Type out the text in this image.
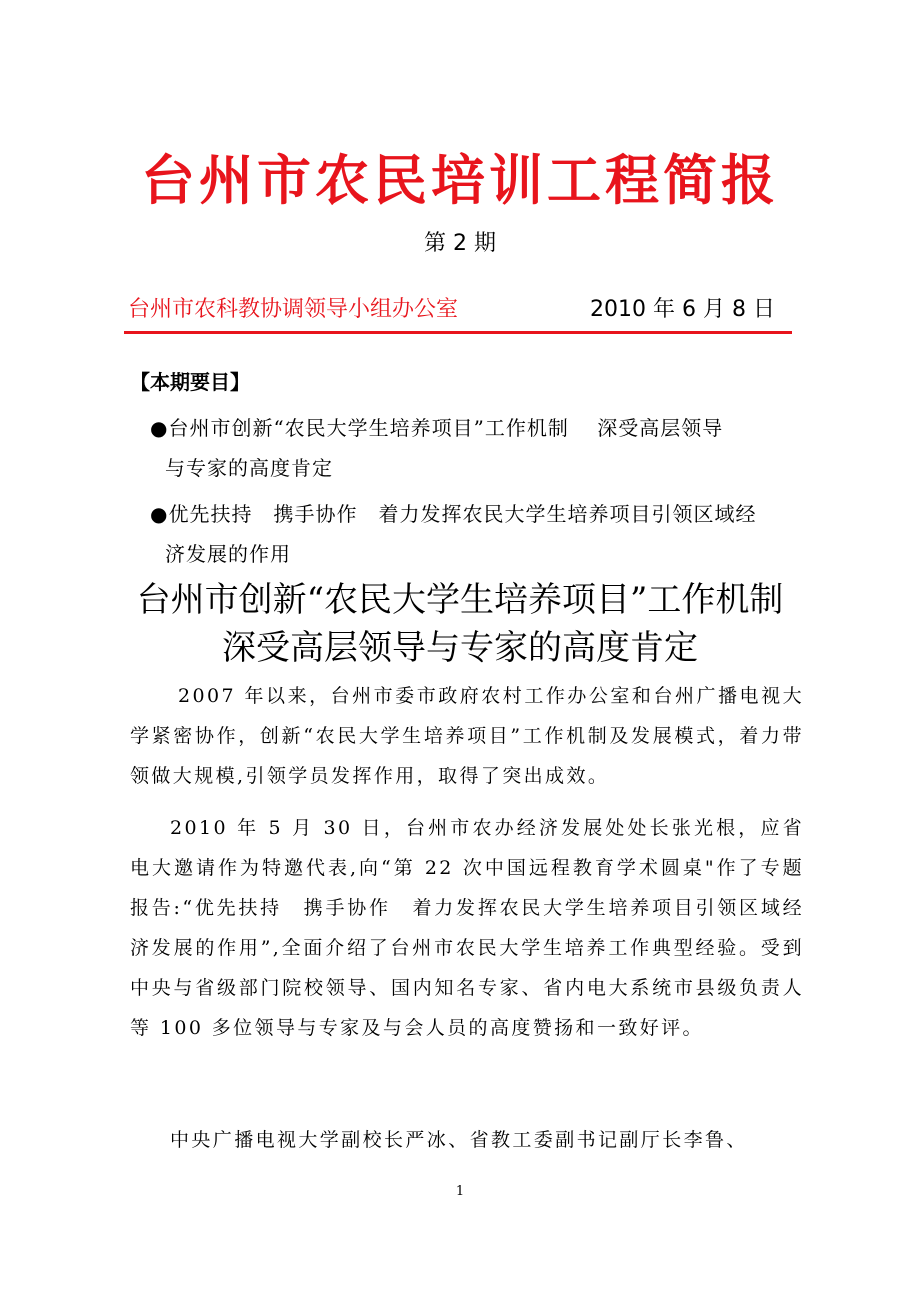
台州市农民培训工程简报
第 2 期
台州市农科教协调领导小组办公室	2010 年 6 月 8 日
【本期要目】
●台州市创新“农民大学生培养项目”工作机制　 深受高层领导
与专家的高度肯定
●优先扶持　携手协作　着力发挥农民大学生培养项目引领区域经
济发展的作用
台州市创新“农民大学生培养项目”工作机制
深受高层领导与专家的高度肯定
2007 年以来，台州市委市政府农村工作办公室和台州广播电视大学紧密协作，创新“农民大学生培养项目”工作机制及发展模式，着力带领做大规模,引领学员发挥作用，取得了突出成效。
2010 年 5 月 30 日，台州市农办经济发展处处长张光根，应省电大邀请作为特邀代表,向“第 22 次中国远程教育学术圆桌"作了专题报告:“优先扶持　携手协作　着力发挥农民大学生培养项目引领区域经济发展的作用”,全面介绍了台州市农民大学生培养工作典型经验。受到中央与省级部门院校领导、国内知名专家、省内电大系统市县级负责人等 100 多位领导与专家及与会人员的高度赞扬和一致好评。
中央广播电视大学副校长严冰、省教工委副书记副厅长李鲁、
1
